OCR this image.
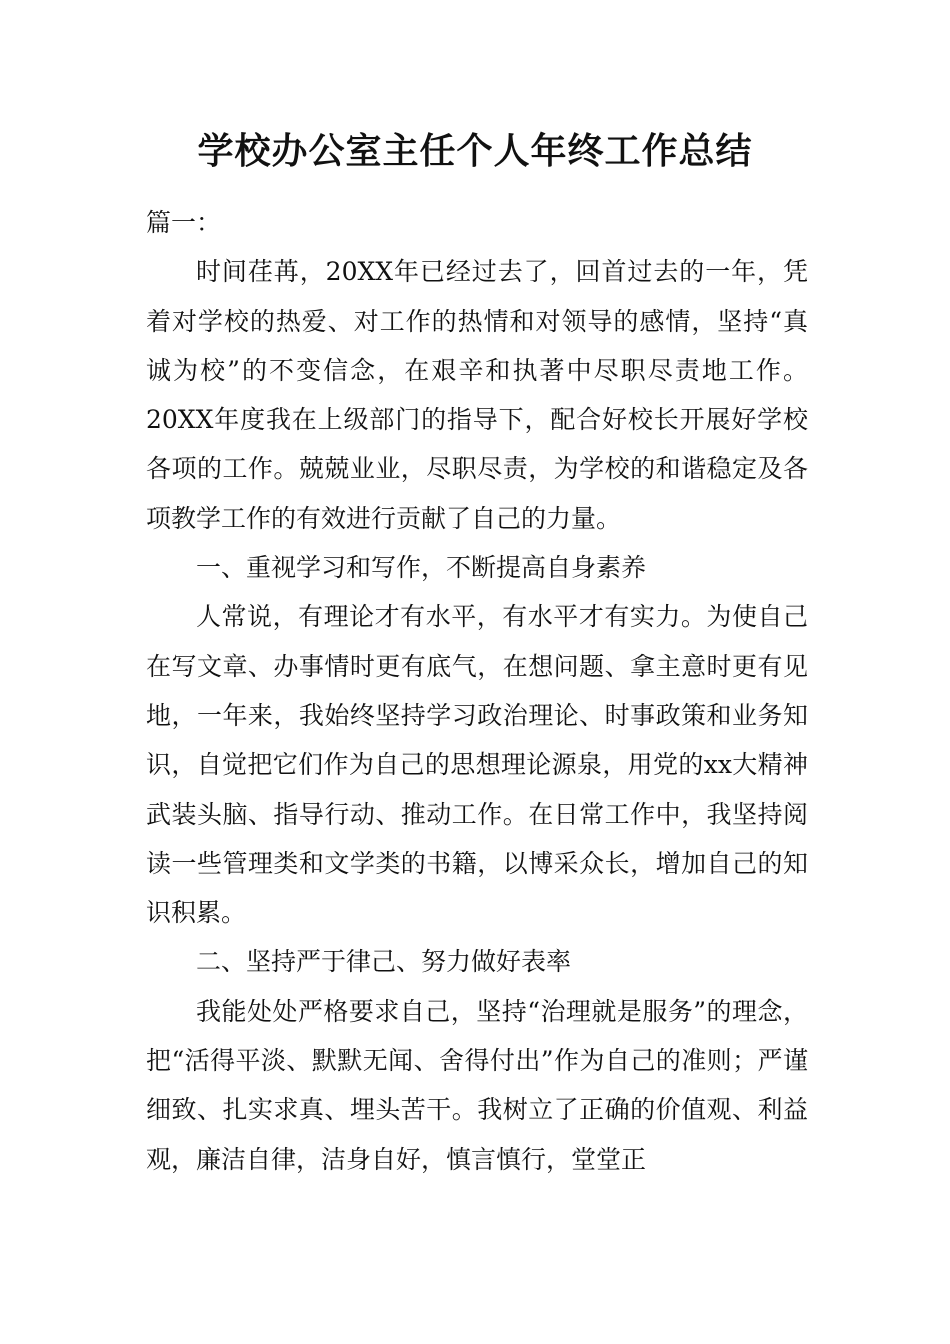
学校办公室主任个人年终工作总结

篇一：

时间荏苒，20XX年已经过去了，回首过去的一年，凭着对学校的热爱、对工作的热情和对领导的感情，坚持“真诚为校”的不变信念，在艰辛和执著中尽职尽责地工作。20XX年度我在上级部门的指导下，配合好校长开展好学校各项的工作。兢兢业业，尽职尽责，为学校的和谐稳定及各项教学工作的有效进行贡献了自己的力量。

一、重视学习和写作，不断提高自身素养

人常说，有理论才有水平，有水平才有实力。为使自己在写文章、办事情时更有底气，在想问题、拿主意时更有见地，一年来，我始终坚持学习政治理论、时事政策和业务知识，自觉把它们作为自己的思想理论源泉，用党的xx大精神武装头脑、指导行动、推动工作。在日常工作中，我坚持阅读一些管理类和文学类的书籍，以博采众长，增加自己的知识积累。

二、坚持严于律己、努力做好表率

我能处处严格要求自己，坚持“治理就是服务”的理念，把“活得平淡、默默无闻、舍得付出”作为自己的准则；严谨细致、扎实求真、埋头苦干。我树立了正确的价值观、利益观，廉洁自律，洁身自好，慎言慎行，堂堂正
